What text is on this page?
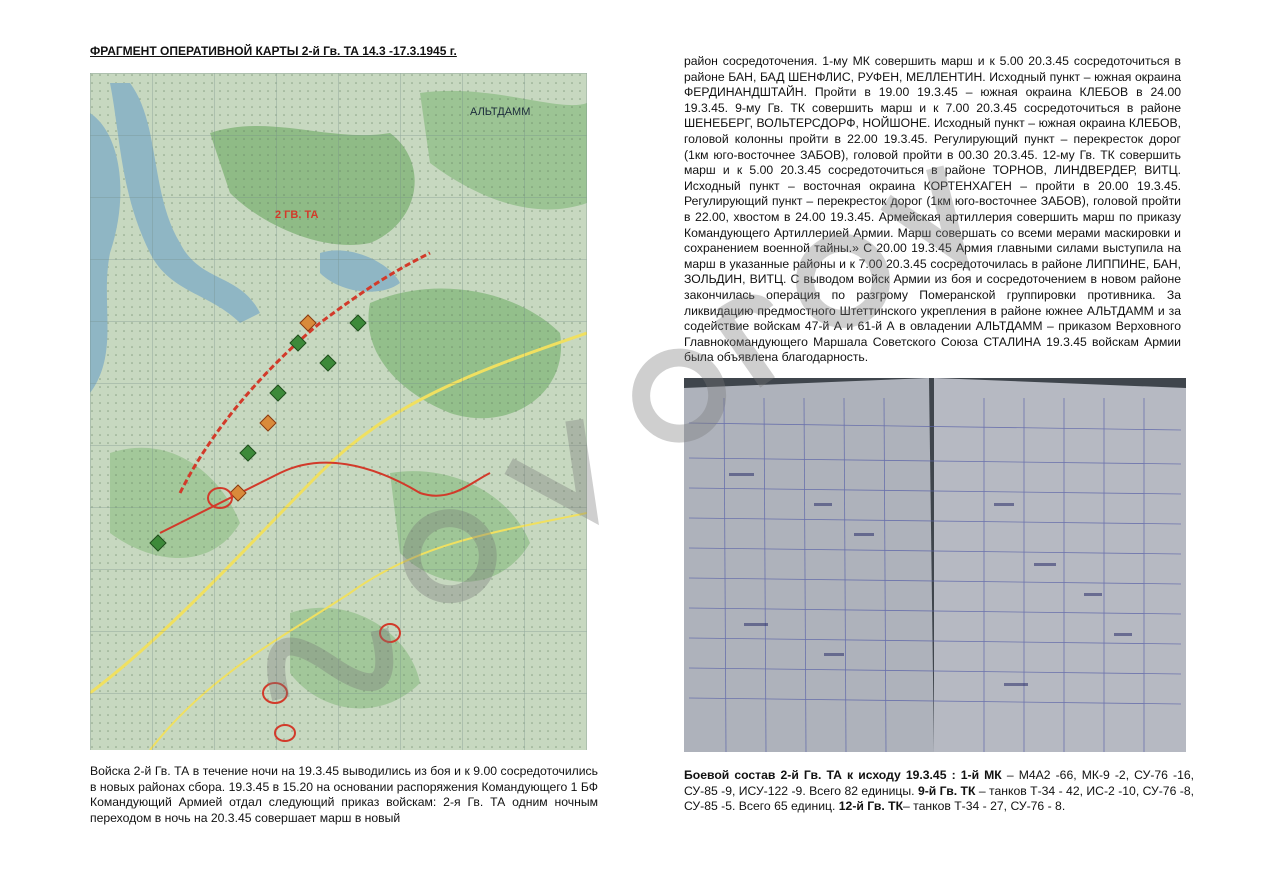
ФРАГМЕНТ ОПЕРАТИВНОЙ КАРТЫ 2-й Гв. ТА 14.3 -17.3.1945 г.
АЛЬТДАММ
2 ГВ. ТА
Войска 2-й Гв. ТА в течение ночи на 19.3.45 выводились из боя и к 9.00 сосредоточились в новых районах сбора. 19.3.45 в 15.20 на основании распоряжения Командующего 1 БФ Командующий Армией отдал следующий приказ войскам: 2-я Гв. ТА одним ночным переходом в ночь на 20.3.45 совершает марш в новый
район сосредоточения. 1-му МК совершить марш и к 5.00 20.3.45 сосредоточиться в районе БАН, БАД ШЕНФЛИС, РУФЕН, МЕЛЛЕНТИН. Исходный пункт – южная окраина ФЕРДИНАНДШТАЙН. Пройти в 19.00 19.3.45 – южная окраина КЛЕБОВ в 24.00 19.3.45. 9-му Гв. ТК совершить марш и к 7.00 20.3.45 сосредоточиться в районе ШЕНЕБЕРГ, ВОЛЬТЕРСДОРФ, НОЙШОНЕ. Исходный пункт – южная окраина КЛЕБОВ, головой колонны пройти в 22.00 19.3.45. Регулирующий пункт – перекресток дорог (1км юго-восточнее ЗАБОВ), головой пройти в 00.30 20.3.45. 12-му Гв. ТК совершить марш и к 5.00 20.3.45 сосредоточиться в районе ТОРНОВ, ЛИНДВЕРДЕР, ВИТЦ. Исходный пункт – восточная окраина КОРТЕНХАГЕН – пройти в 20.00 19.3.45. Регулирующий пункт – перекресток дорог (1км юго-восточнее ЗАБОВ), головой пройти в 22.00, хвостом в 24.00 19.3.45. Армейская артиллерия совершить марш по приказу Командующего Артиллерией Армии. Марш совершать со всеми мерами маскировки и сохранением военной тайны.» С 20.00 19.3.45 Армия главными силами выступила на марш в указанные районы и к 7.00 20.3.45 сосредоточилась в районе ЛИППИНЕ, БАН, ЗОЛЬДИН, ВИТЦ. С выводом войск Армии из боя и сосредоточением в новом районе закончилась операция по разгрому Померанской группировки противника. За ликвидацию предмостного Штеттинского укрепления в районе южнее АЛЬТДАММ и за содействие войскам 47-й А и 61-й А в овладении АЛЬТДАММ – приказом Верховного Главнокомандующего Маршала Советского Союза СТАЛИНА 19.3.45 войскам Армии была объявлена благодарность.
Боевой состав 2-й Гв. ТА к исходу 19.3.45 : 1-й МК – М4А2 -66, МК-9 -2, СУ-76 -16, СУ-85 -9, ИСУ-122 -9. Всего 82 единицы. 9-й Гв. ТК – танков Т-34 - 42, ИС-2 -10, СУ-76 -8, СУ-85 -5. Всего 65 единиц. 12-й Гв. ТК– танков Т-34 - 27, СУ-76 - 8.
